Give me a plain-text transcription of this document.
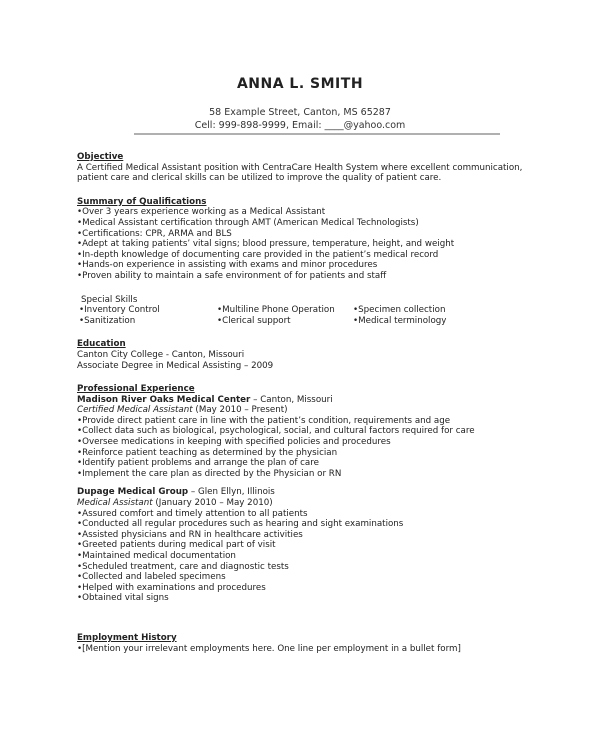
ANNA L. SMITH
58 Example Street, Canton, MS 65287
Cell: 999-898-9999, Email: ____@yahoo.com
Objective
A Certified Medical Assistant position with CentraCare Health System where excellent communication,
patient care and clerical skills can be utilized to improve the quality of patient care.
Summary of Qualifications
• Over 3 years experience working as a Medical Assistant
• Medical Assistant certification through AMT (American Medical Technologists)
• Certifications: CPR, ARMA and BLS
• Adept at taking patients’ vital signs; blood pressure, temperature, height, and weight
• In-depth knowledge of documenting care provided in the patient’s medical record
• Hands-on experience in assisting with exams and minor procedures
• Proven ability to maintain a safe environment of for patients and staff
Special Skills
• Inventory Control	• Multiline Phone Operation	• Specimen collection
• Sanitization	• Clerical support	• Medical terminology
Education
Canton City College - Canton, Missouri
Associate Degree in Medical Assisting – 2009
Professional Experience
Madison River Oaks Medical Center – Canton, Missouri
Certified Medical Assistant (May 2010 – Present)
• Provide direct patient care in line with the patient’s condition, requirements and age
• Collect data such as biological, psychological, social, and cultural factors required for care
• Oversee medications in keeping with specified policies and procedures
• Reinforce patient teaching as determined by the physician
• Identify patient problems and arrange the plan of care
• Implement the care plan as directed by the Physician or RN
Dupage Medical Group – Glen Ellyn, Illinois
Medical Assistant (January 2010 – May 2010)
• Assured comfort and timely attention to all patients
• Conducted all regular procedures such as hearing and sight examinations
• Assisted physicians and RN in healthcare activities
• Greeted patients during medical part of visit
• Maintained medical documentation
• Scheduled treatment, care and diagnostic tests
• Collected and labeled specimens
• Helped with examinations and procedures
• Obtained vital signs
Employment History
• [Mention your irrelevant employments here. One line per employment in a bullet form]
